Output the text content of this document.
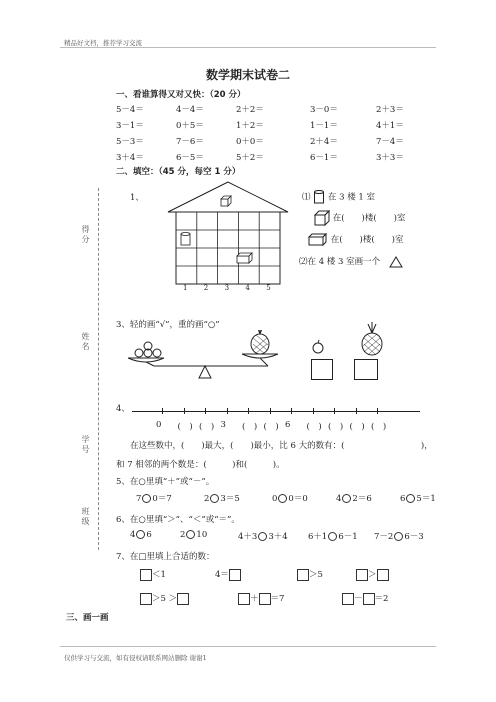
精品好文档，推荐学习交流
数学期末试卷二
得分
姓名
学号
班级
一、看谁算得又对又快：（20 分）
5－4＝	4－4＝	2＋2＝	3－0＝	2＋3＝
3－1＝	0＋5＝	1＋2＝	1－1＝	4＋1＝
5－3＝	7－6＝	0＋0＝	2＋4＝	7－4＝
3＋4＝	6－5＝	5＋2＝	6－1＝	3＋3＝
二、填空：（45 分，每空 1 分）
1、
1 2 3 4 5
⑴ 在 3 楼 1 室
在(　　)楼(　　)室
在(　　)楼(　　)室
⑵在 4 楼 3 室画一个
3、轻的画“√”，重的画“○”
4、
0 (　) (　) 3 (　) (　) 6 (　) (　) (　) (　)
在这些数中，(　　)最大，(　　)最小，比 6 大的数有：(　　　　　　　　　)，
和 7 相邻的两个数是：(　　　)和(　　　)。
5、在○里填“＋”或“－”。
7 0＝7	2 3＝5	0 0＝0	4 2＝6	6 5＝1
6、在○里填“＞”、“＜”或“＝”。
4 6	2 10	4＋3 3＋4 6＋1 6－1 7－2 6－3
7、在□里填上合适的数：
＜1	4＝	＞5	＞
＞5 ＞	＋ ＝7	－ ＝2
三、画一画
仅供学习与交流，如有侵权请联系网站删除 谢谢1
